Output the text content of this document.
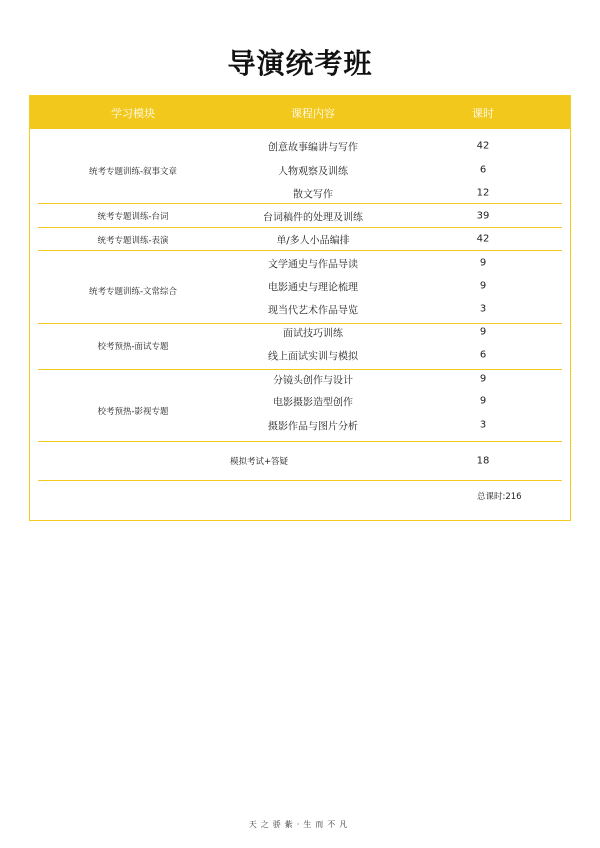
导演统考班
学习模块	课程内容	课时
统考专题训练-叙事文章
创意故事编讲与写作	42
人物观察及训练	6
散文写作	12
统考专题训练-台词	台词稿件的处理及训练	39
统考专题训练-表演	单/多人小品编排	42
统考专题训练-文常综合
文学通史与作品导读	9
电影通史与理论梳理	9
现当代艺术作品导览	3
校考预热-面试专题
面试技巧训练	9
线上面试实训与模拟	6
校考预热-影视专题
分镜头创作与设计	9
电影摄影造型创作	9
摄影作品与图片分析	3
模拟考试+答疑	18
总课时:216
天之骄紫·生而不凡
